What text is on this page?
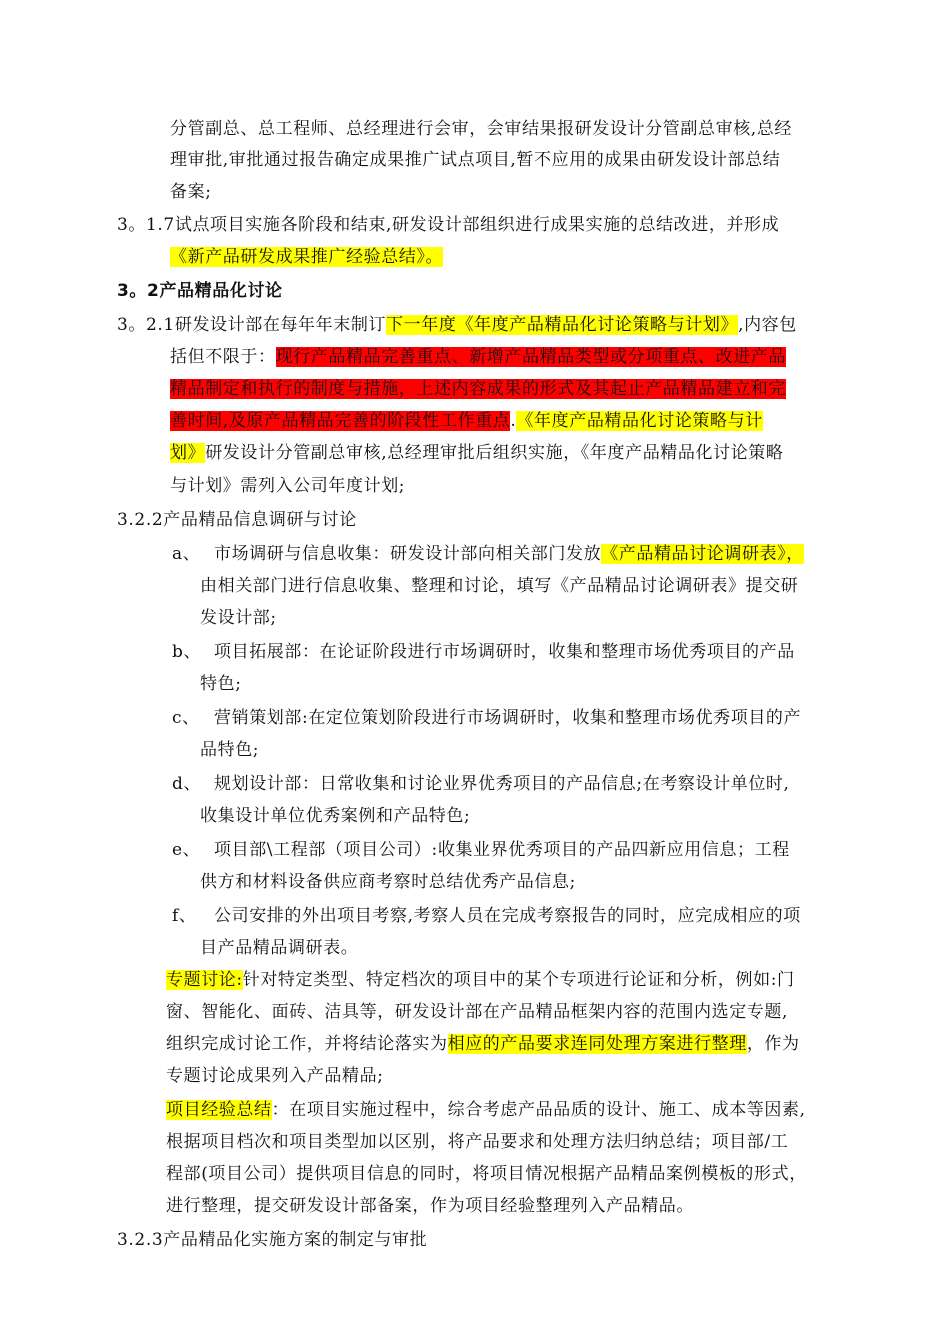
分管副总、总工程师、总经理进行会审，会审结果报研发设计分管副总审核,总经
理审批,审批通过报告确定成果推广试点项目,暂不应用的成果由研发设计部总结
备案;
3。1.7试点项目实施各阶段和结束,研发设计部组织进行成果实施的总结改进，并形成
《新产品研发成果推广经验总结》。
3。2产品精品化讨论
3。2.1研发设计部在每年年末制订下一年度《年度产品精品化讨论策略与计划》,内容包
括但不限于：现行产品精品完善重点、新增产品精品类型或分项重点、改进产品
精品制定和执行的制度与措施，上述内容成果的形式及其起止产品精品建立和完
善时间,及原产品精品完善的阶段性工作重点.《年度产品精品化讨论策略与计
划》研发设计分管副总审核,总经理审批后组织实施，《年度产品精品化讨论策略
与计划》需列入公司年度计划;
3.2.2产品精品信息调研与讨论
a、 市场调研与信息收集：研发设计部向相关部门发放《产品精品讨论调研表》，
由相关部门进行信息收集、整理和讨论，填写《产品精品讨论调研表》提交研
发设计部;
b、 项目拓展部：在论证阶段进行市场调研时，收集和整理市场优秀项目的产品
特色;
c、 营销策划部:在定位策划阶段进行市场调研时，收集和整理市场优秀项目的产
品特色;
d、 规划设计部：日常收集和讨论业界优秀项目的产品信息;在考察设计单位时,
收集设计单位优秀案例和产品特色;
e、 项目部\工程部（项目公司）:收集业界优秀项目的产品四新应用信息；工程
供方和材料设备供应商考察时总结优秀产品信息;
f、 公司安排的外出项目考察,考察人员在完成考察报告的同时，应完成相应的项
目产品精品调研表。
专题讨论:针对特定类型、特定档次的项目中的某个专项进行论证和分析，例如:门
窗、智能化、面砖、洁具等，研发设计部在产品精品框架内容的范围内选定专题,
组织完成讨论工作，并将结论落实为相应的产品要求连同处理方案进行整理，作为
专题讨论成果列入产品精品;
项目经验总结：在项目实施过程中，综合考虑产品品质的设计、施工、成本等因素,
根据项目档次和项目类型加以区别，将产品要求和处理方法归纳总结；项目部/工
程部(项目公司）提供项目信息的同时，将项目情况根据产品精品案例模板的形式，
进行整理，提交研发设计部备案，作为项目经验整理列入产品精品。
3.2.3产品精品化实施方案的制定与审批
